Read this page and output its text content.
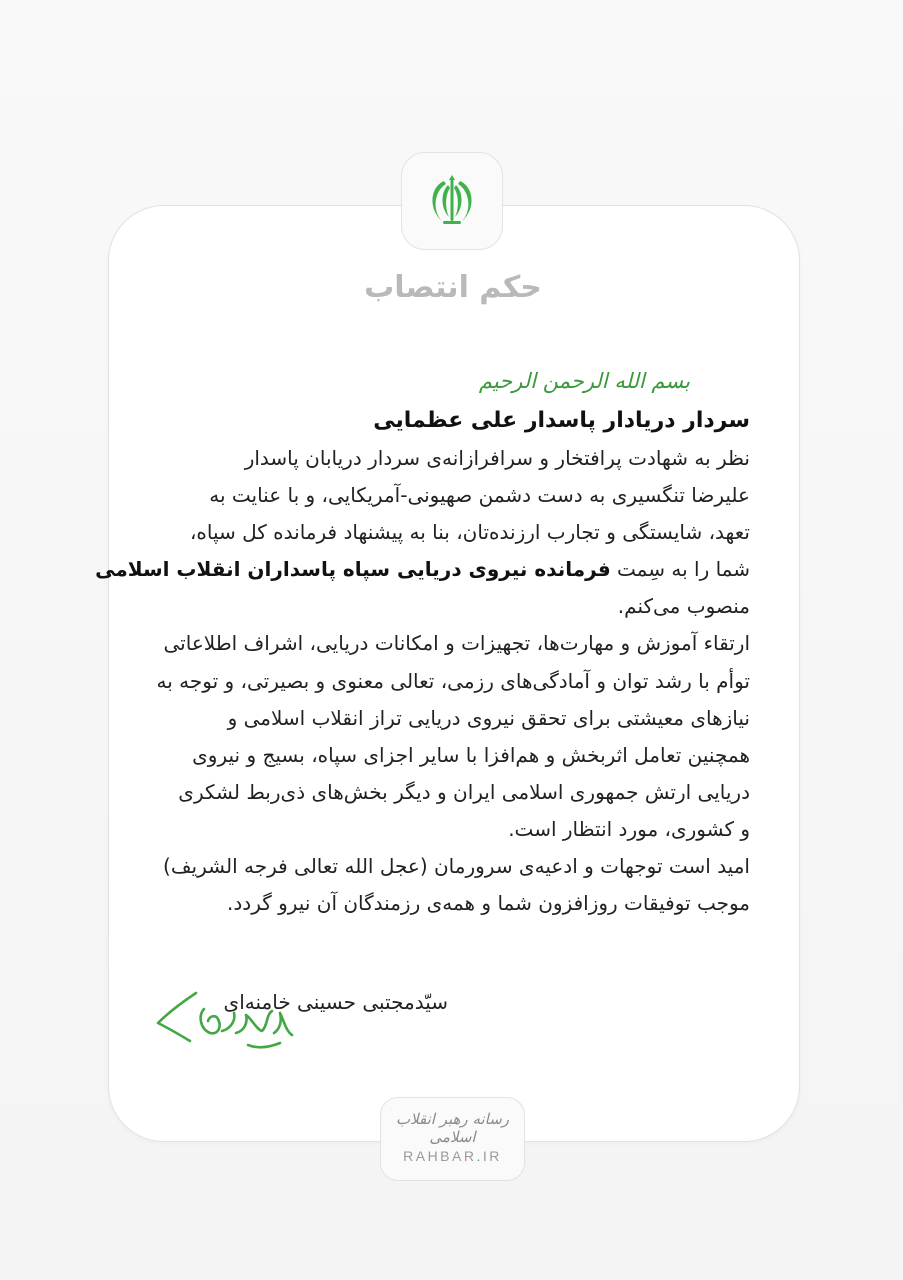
حکم انتصاب
بسم الله الرحمن الرحیم
سردار دریادار پاسدار علی عظمایی
نظر به شهادت پرافتخار و سرافرازانه‌ی سردار دریابان پاسدار
علیرضا تنگسیری به دست دشمن صهیونی-آمریکایی، و با عنایت به
تعهد، شایستگی و تجارب ارزنده‌تان، بنا به پیشنهاد فرمانده کل سپاه،
شما را به سِمت فرمانده نیروی دریایی سپاه پاسداران انقلاب اسلامی
منصوب می‌کنم.
ارتقاء آموزش و مهارت‌ها، تجهیزات و امکانات دریایی، اشراف اطلاعاتی
توأم با رشد توان و آمادگی‌های رزمی، تعالی معنوی و بصیرتی، و توجه به
نیازهای معیشتی برای تحقق نیروی دریایی تراز انقلاب اسلامی و
همچنین تعامل اثربخش و هم‌افزا با سایر اجزای سپاه، بسیج و نیروی
دریایی ارتش جمهوری اسلامی ایران و دیگر بخش‌های ذی‌ربط لشکری
و کشوری، مورد انتظار است.
امید است توجهات و ادعیه‌ی سرورمان (عجل الله تعالی فرجه الشریف)
موجب توفیقات روزافزون شما و همه‌ی رزمندگان آن نیرو گردد.
سیّدمجتبی حسینی خامنه‌ای
رسانه رهبر انقلاب اسلامی
RAHBAR.IR
